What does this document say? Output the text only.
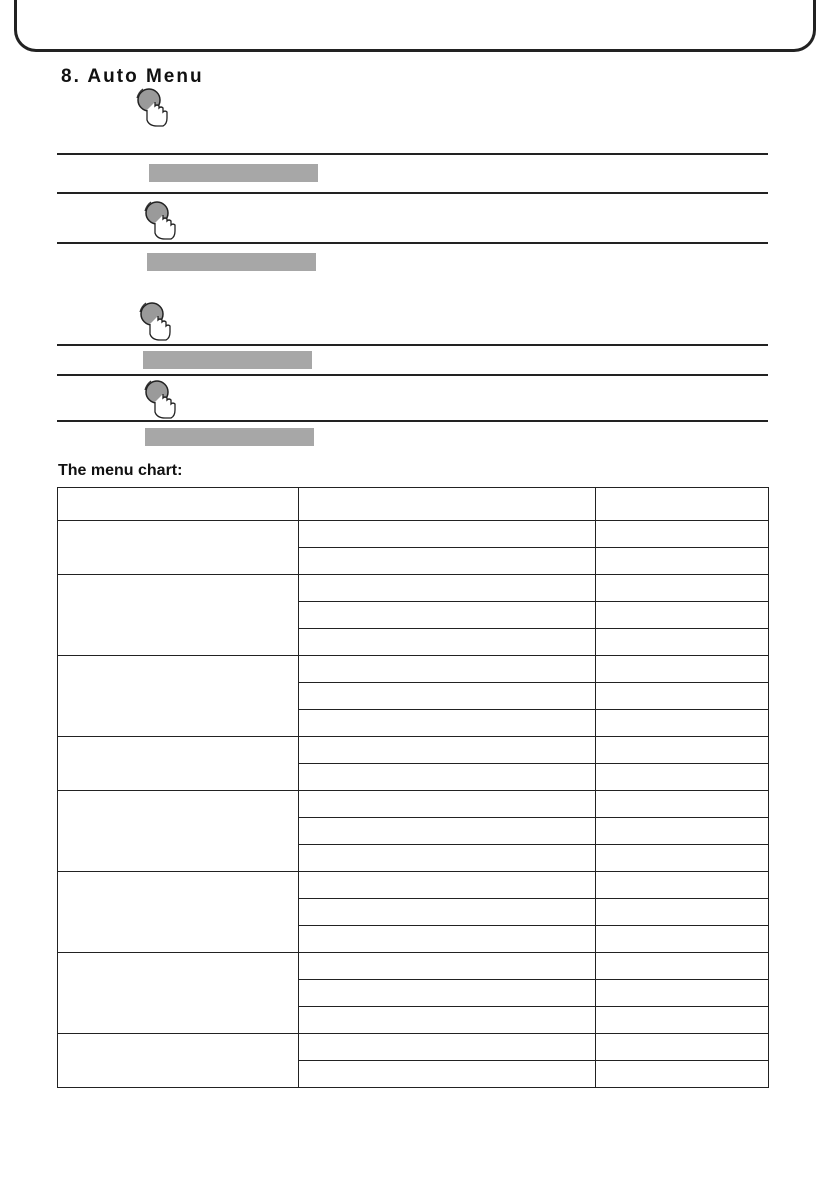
8. Auto Menu
The menu chart:
